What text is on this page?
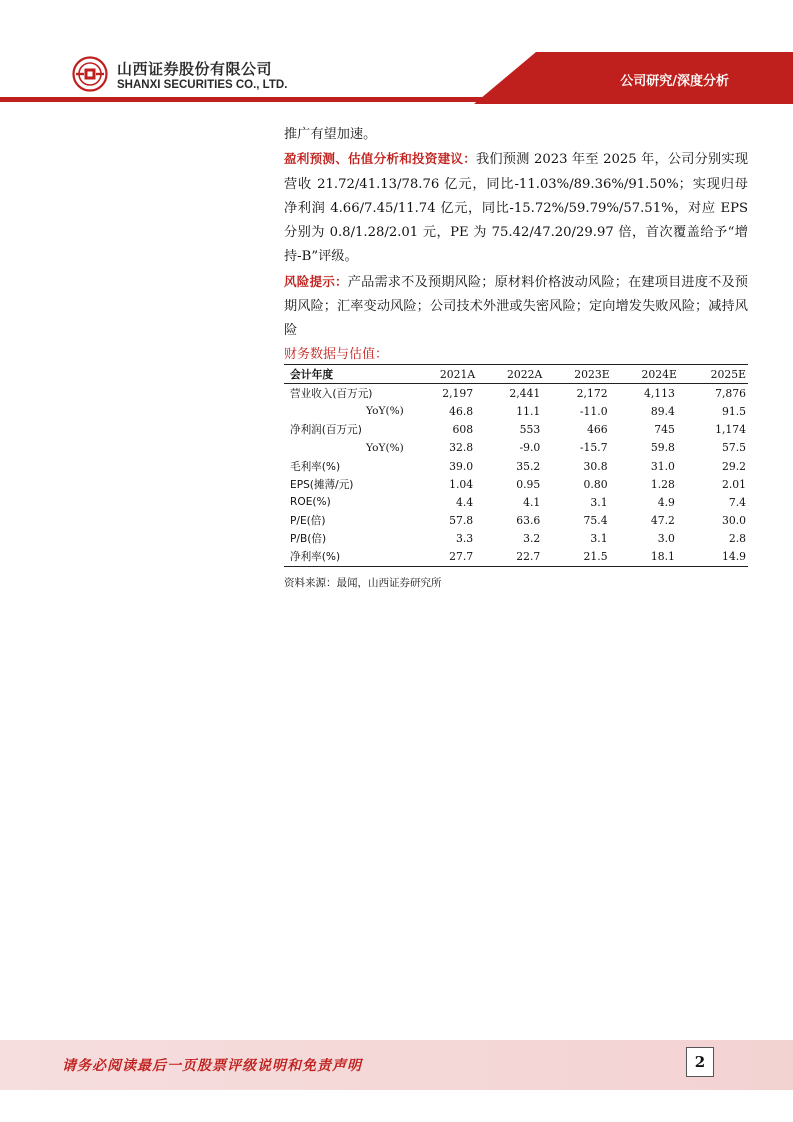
山西证券股份有限公司
SHANXI SECURITIES CO., LTD.	公司研究/深度分析

推广有望加速。

盈利预测、估值分析和投资建议：我们预测 2023 年至 2025 年，公司分别实现营收 21.72/41.13/78.76 亿元，同比-11.03%/89.36%/91.50%；实现归母净利润 4.66/7.45/11.74 亿元，同比-15.72%/59.79%/57.51%，对应 EPS 分别为 0.8/1.28/2.01 元，PE 为 75.42/47.20/29.97 倍，首次覆盖给予“增持-B”评级。

风险提示：产品需求不及预期风险；原材料价格波动风险；在建项目进度不及预期风险；汇率变动风险；公司技术外泄或失密风险；定向增发失败风险；减持风险

财务数据与估值：
会计年度	2021A	2022A	2023E	2024E	2025E
营业收入(百万元)	2,197	2,441	2,172	4,113	7,876
YoY(%)	46.8	11.1	-11.0	89.4	91.5
净利润(百万元)	608	553	466	745	1,174
YoY(%)	32.8	-9.0	-15.7	59.8	57.5
毛利率(%)	39.0	35.2	30.8	31.0	29.2
EPS(摊薄/元)	1.04	0.95	0.80	1.28	2.01
ROE(%)	4.4	4.1	3.1	4.9	7.4
P/E(倍)	57.8	63.6	75.4	47.2	30.0
P/B(倍)	3.3	3.2	3.1	3.0	2.8
净利率(%)	27.7	22.7	21.5	18.1	14.9
资料来源：最闻，山西证券研究所
请务必阅读最后一页股票评级说明和免责声明	2
